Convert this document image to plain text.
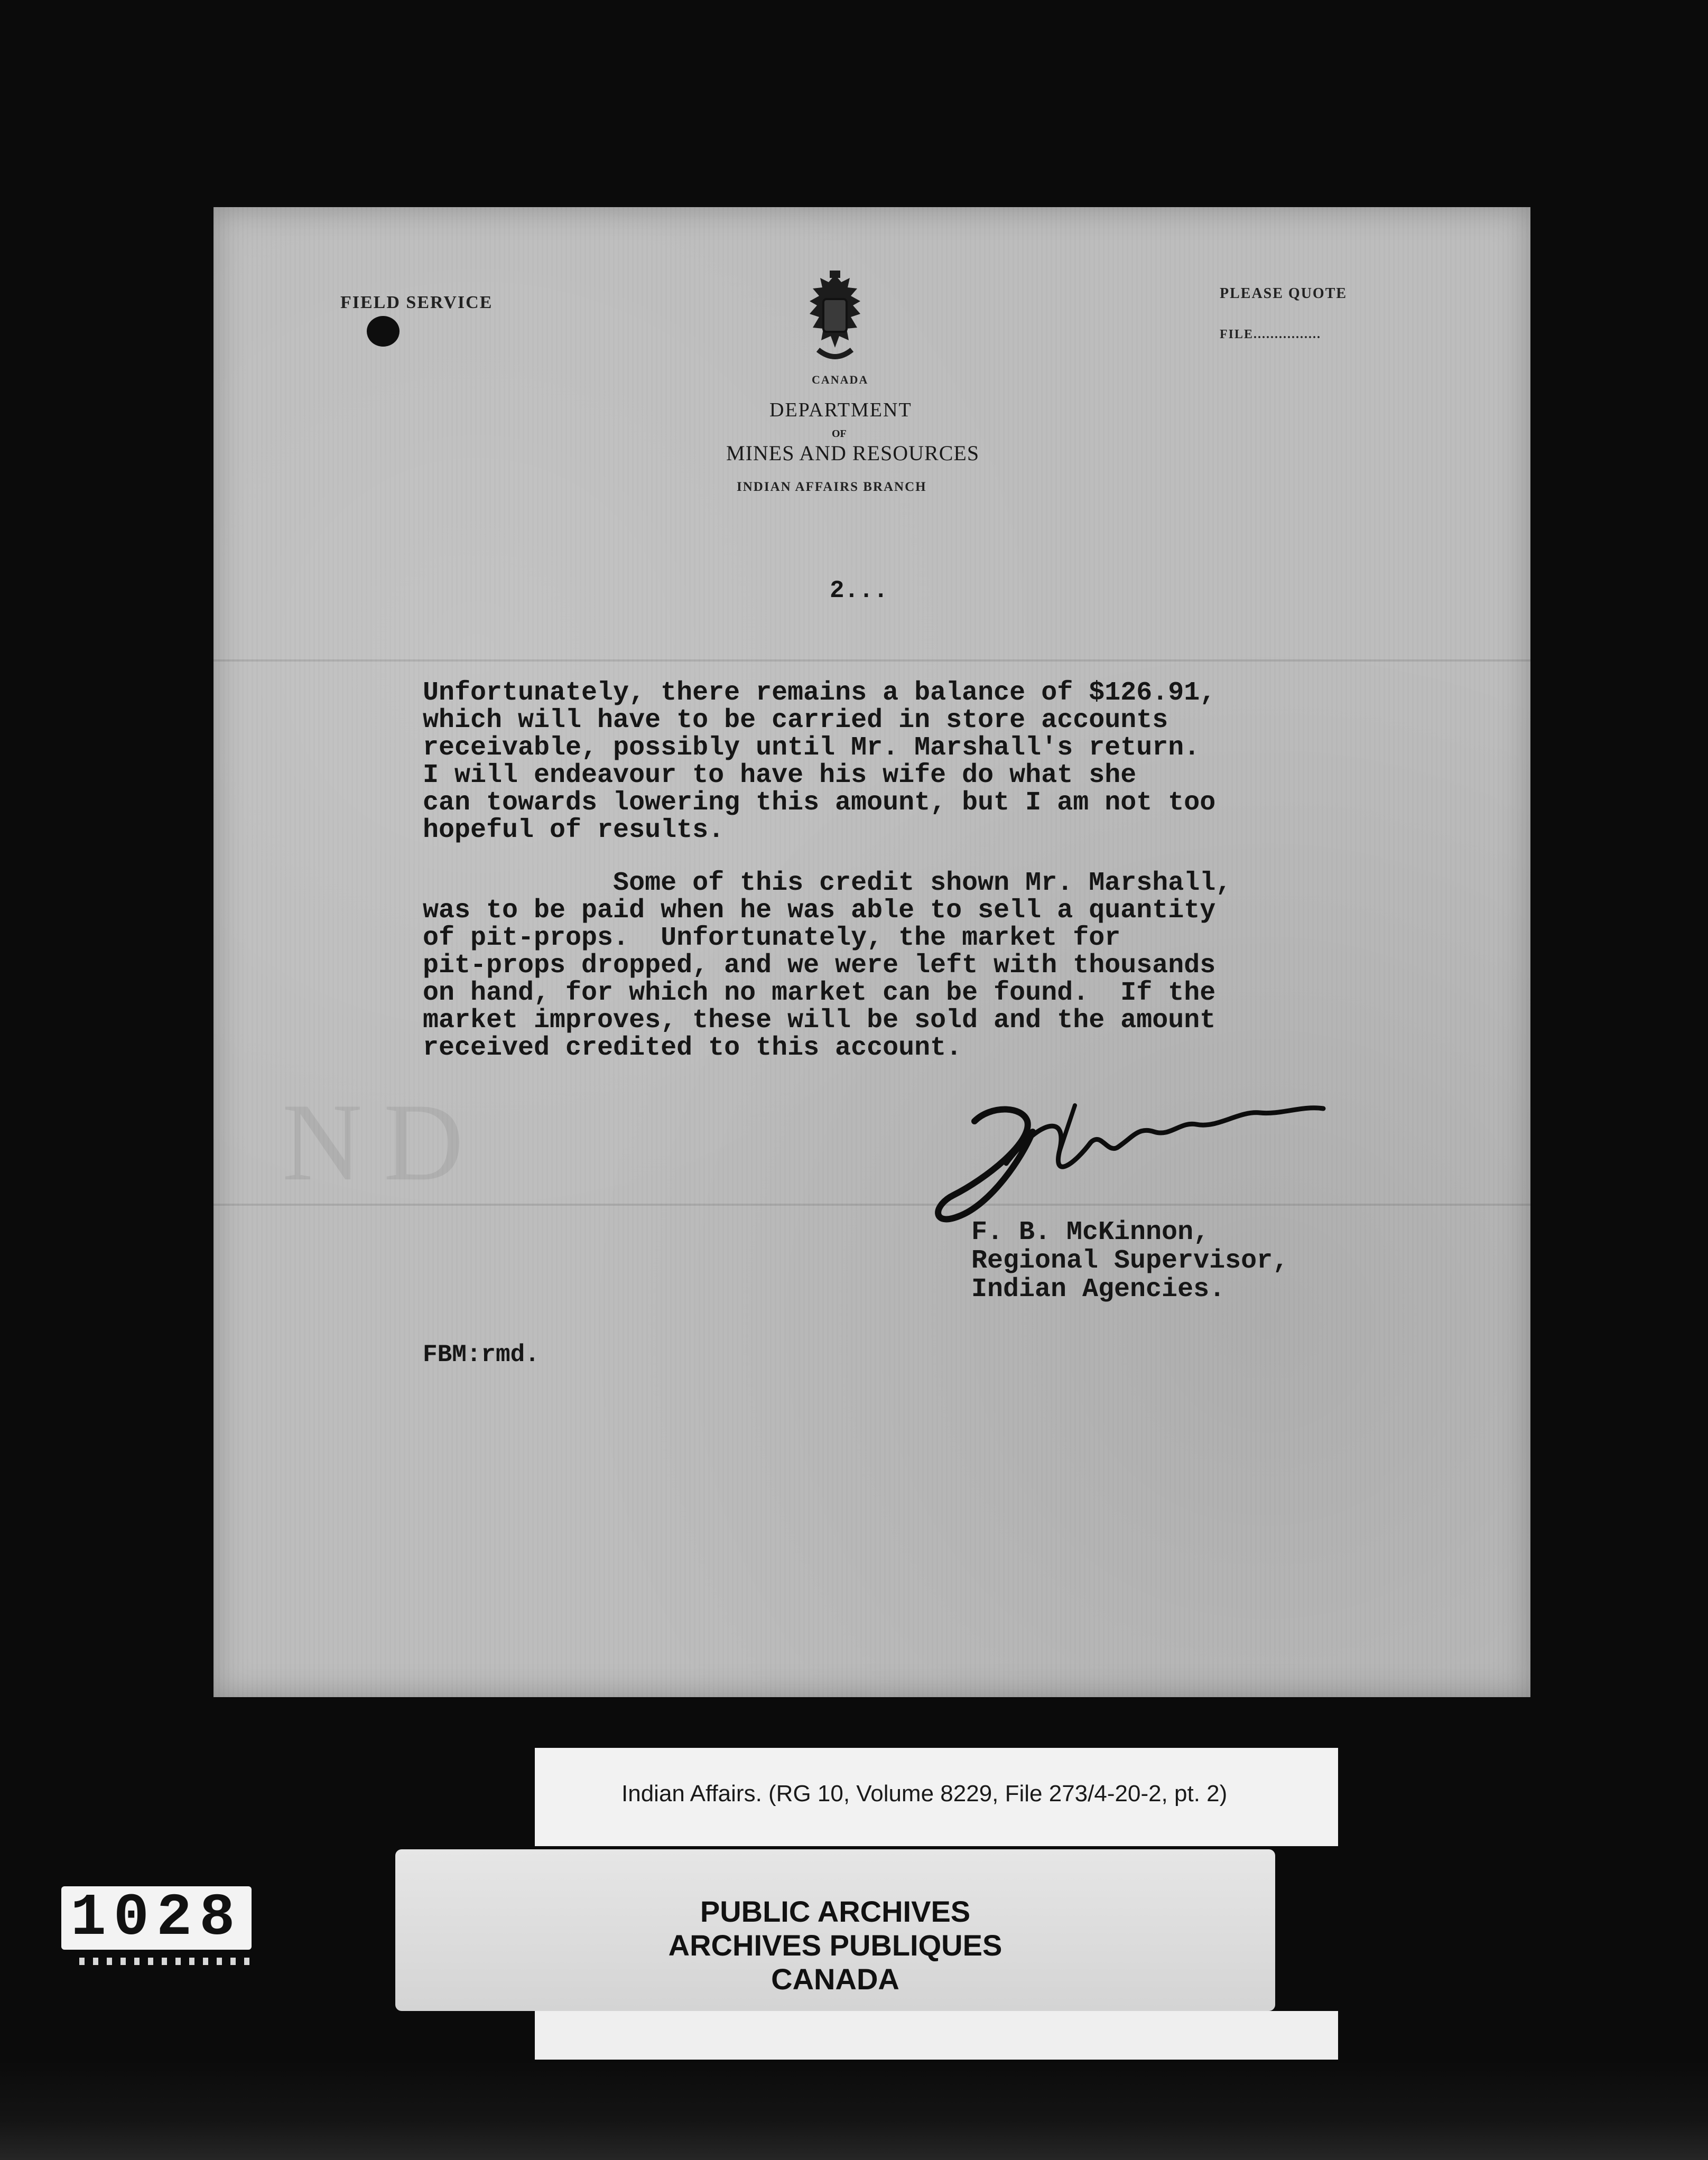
ND
FIELD SERVICE	PLEASE QUOTE
FILE................
CANADA
DEPARTMENT
OF
MINES AND RESOURCES
INDIAN AFFAIRS BRANCH
2...
Unfortunately, there remains a balance of $126.91,
which will have to be carried in store accounts
receivable, possibly until Mr. Marshall's return.
I will endeavour to have his wife do what she
can towards lowering this amount, but I am not too
hopeful of results.
Some of this credit shown Mr. Marshall,
was to be paid when he was able to sell a quantity
of pit-props.  Unfortunately, the market for
pit-props dropped, and we were left with thousands
on hand, for which no market can be found.  If the
market improves, these will be sold and the amount
received credited to this account.
F. B. McKinnon,
Regional Supervisor,
Indian Agencies.
FBM:rmd.
Indian Affairs. (RG 10, Volume 8229, File 273/4-20-2, pt. 2)
PUBLIC ARCHIVES
ARCHIVES PUBLIQUES
CANADA
1028
